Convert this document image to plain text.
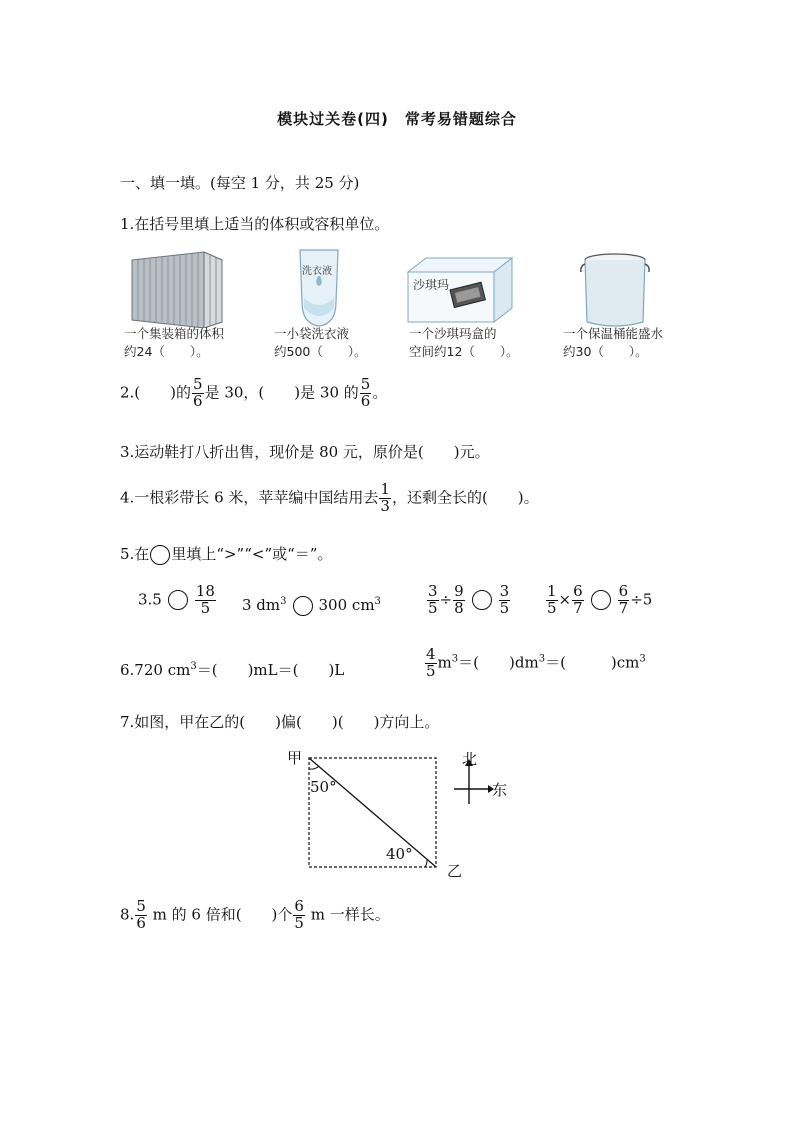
模块过关卷(四)　常考易错题综合
一、填一填。(每空 1 分，共 25 分)
1.在括号里填上适当的体积或容积单位。
洗衣液
沙琪玛
一个集装箱的体积
约24（　　）。
一小袋洗衣液
约500（　　）。
一个沙琪玛盒的
空间约12（　　）。
一个保温桶能盛水
约30（　　）。
2.(　　)的 $\frac{5}{6}$ 是 30，(　　)是 30 的 $\frac{5}{6}$ 。
3.运动鞋打八折出售，现价是 80 元，原价是(　　)元。
4.一根彩带长 6 米，苹苹编中国结用去 $\frac{1}{3}$ ，还剩全长的(　　)。
5.在 里填上“>”“<”或“＝”。
$3.5 \frac{18}{5} 3$ $dm^3$ 300 $cm^3$	$\frac{3}{5} \div \frac{9}{8} \frac{3}{5} \frac{1}{5} \times \frac{6}{7} \frac{6}{7} \div 5$
6.720 $cm^3=$(　　)mL＝(　　)L	$\frac{4}{5} m^3=$(　　)$dm^3=$(　　　)$cm^3$
7.如图，甲在乙的(　　)偏(　　)(　　)方向上。
甲
50°
40°
乙
北
东
8. $\frac{5}{6}$ m 的 6 倍和(　　)个 $\frac{6}{5}$ m 一样长。
